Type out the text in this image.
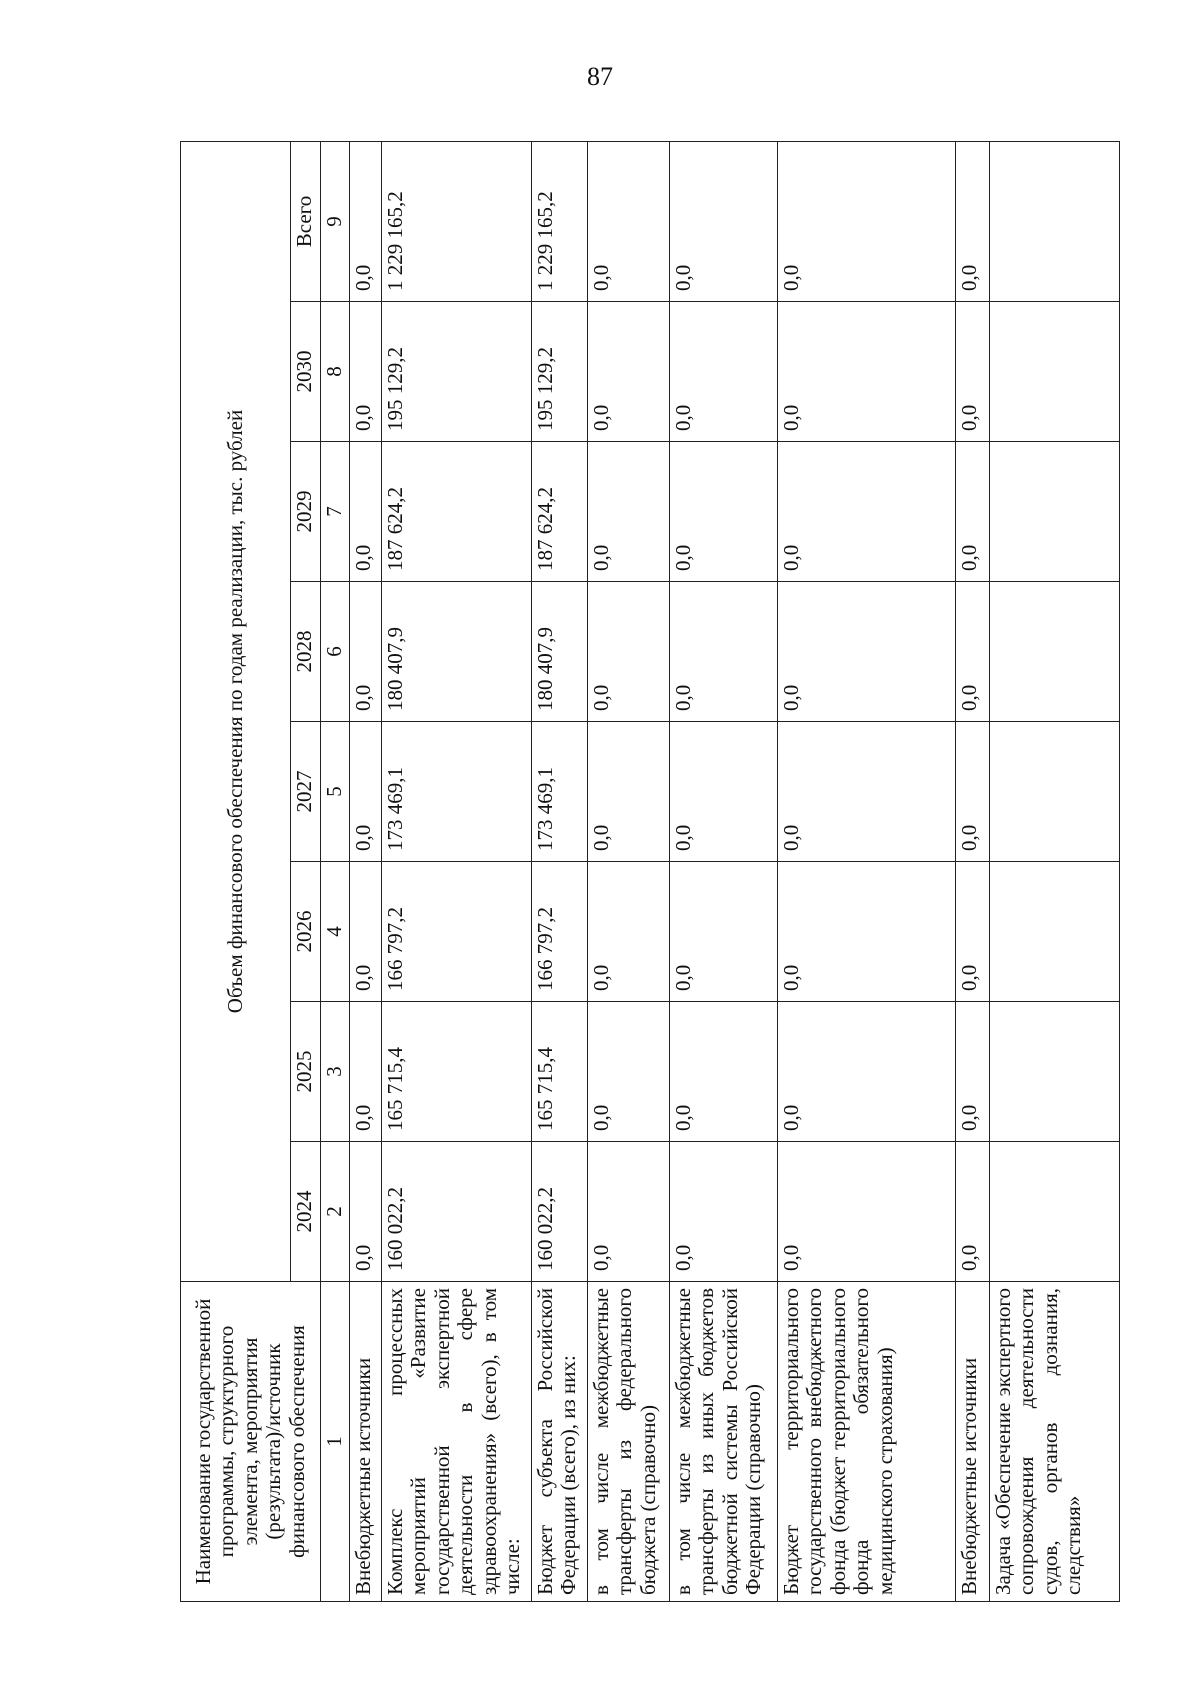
87
Наименование государственной программы, структурного элемента, мероприятия (результата)/источник финансового обеспечения	Объем финансового обеспечения по годам реализации, тыс. рублей							
	2024	2025	2026	2027	2028	2029	2030	Всего
1	2	3	4	5	6	7	8	9
Внебюджетные источники	0,0	0,0	0,0	0,0	0,0	0,0	0,0	0,0
Комплекс процессных мероприятий «Развитие государственной экспертной деятельности в сфере здравоохранения» (всего), в том числе:	160 022,2	165 715,4	166 797,2	173 469,1	180 407,9	187 624,2	195 129,2	1 229 165,2
Бюджет субъекта Российской Федерации (всего), из них:	160 022,2	165 715,4	166 797,2	173 469,1	180 407,9	187 624,2	195 129,2	1 229 165,2
в том числе межбюджетные трансферты из федерального бюджета (справочно)	0,0	0,0	0,0	0,0	0,0	0,0	0,0	0,0
в том числе межбюджетные трансферты из иных бюджетов бюджетной системы Российской Федерации (справочно)	0,0	0,0	0,0	0,0	0,0	0,0	0,0	0,0
Бюджет территориального государственного внебюджетного фонда (бюджет территориального фонда обязательного медицинского страхования)	0,0	0,0	0,0	0,0	0,0	0,0	0,0	0,0
Внебюджетные источники	0,0	0,0	0,0	0,0	0,0	0,0	0,0	0,0
Задача «Обеспечение экспертного сопровождения деятельности судов, органов дознания, следствия»								
